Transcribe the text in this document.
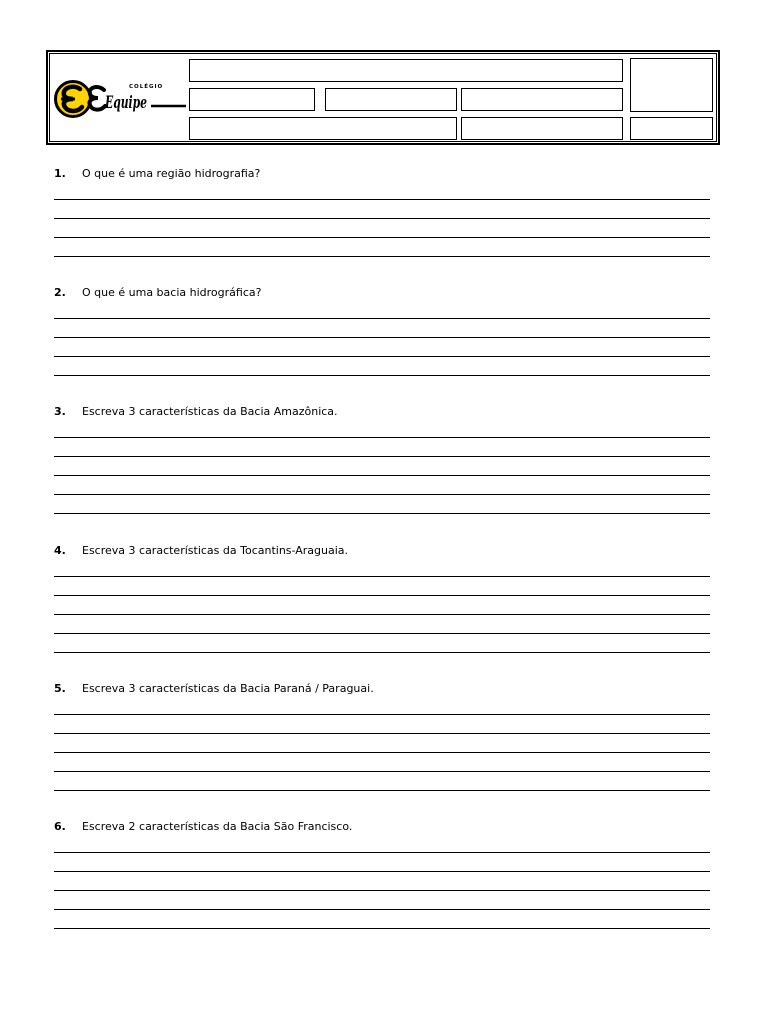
Equipe
COLÉGIO
1. O que é uma região hidrografia?
2. O que é uma bacia hidrográfica?
3. Escreva 3 características da Bacia Amazônica.
4. Escreva 3 características da Tocantins-Araguaia.
5. Escreva 3 características da Bacia Paraná / Paraguai.
6. Escreva 2 características da Bacia São Francisco.
